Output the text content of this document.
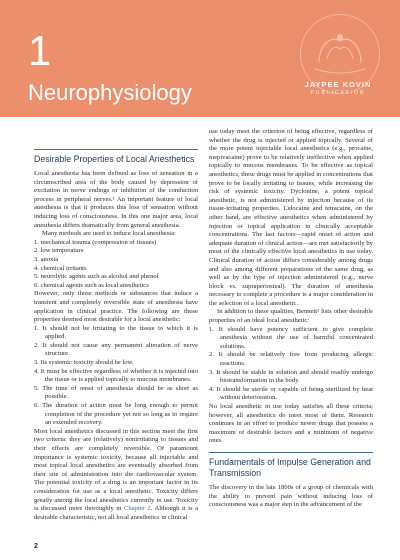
1
Neurophysiology	JAYPEE KOVIN
PUBLICATION
Desirable Properties of Local Anesthetics

Local anesthesia has been defined as loss of sensation in a circumscribed area of the body caused by depression of excitation in nerve endings or inhibition of the conduction process in peripheral nerves.¹ An important feature of local anesthesia is that it produces this loss of sensation without inducing loss of consciousness. In this one major area, local anesthesia differs dramatically from general anesthesia.

Many methods are used to induce local anesthesia:

1. mechanical trauma (compression of tissues)
2. low temperature
3. anoxia
4. chemical irritants
5. neurolytic agents such as alcohol and phenol
6. chemical agents such as local anesthetics

However, only those methods or substances that induce a transient and completely reversible state of anesthesia have application in clinical practice. The following are those properties deemed most desirable for a local anesthetic:

1. It should not be irritating to the tissue to which it is applied.
2. It should not cause any permanent alteration of nerve structure.
3. Its systemic toxicity should be low.
4. It must be effective regardless of whether it is injected into the tissue or is applied topically to mucous membranes.
5. The time of onset of anesthesia should be as short as possible.
6. The duration of action must be long enough to permit completion of the procedure yet not so long as to require an extended recovery.

Most local anesthetics discussed in this section meet the first two criteria: they are (relatively) nonirritating to tissues and their effects are completely reversible. Of paramount importance is systemic toxicity, because all injectable and most topical local anesthetics are eventually absorbed from their site of administration into the cardiovascular system. The potential toxicity of a drug is an important factor in its consideration for use as a local anesthetic. Toxicity differs greatly among the local anesthetics currently in use. Toxicity is discussed more thoroughly in Chapter 2. Although it is a desirable characteristic, not all local anesthetics in clinical

use today meet the criterion of being effective, regardless of whether the drug is injected or applied topically. Several of the more potent injectable local anesthetics (e.g., procaine, mepivacaine) prove to be relatively ineffective when applied topically to mucous membranes. To be effective as topical anesthetics, these drugs must be applied in concentrations that prove to be locally irritating to tissues, while increasing the risk of systemic toxicity. Dyclonine, a potent topical anesthetic, is not administered by injection because of its tissue-irritating properties. Lidocaine and tetracaine, on the other hand, are effective anesthetics when administered by injection or topical application in clinically acceptable concentrations. The last factors—rapid onset of action and adequate duration of clinical action—are met satisfactorily by most of the clinically effective local anesthetics in use today. Clinical duration of action differs considerably among drugs and also among different preparations of the same drug, as well as by the type of injection administered (e.g., nerve block vs. supraperiosteal). The duration of anesthesia necessary to complete a procedure is a major consideration in the selection of a local anesthetic.

In addition to these qualities, Bennett² lists other desirable properties of an ideal local anesthetic:

1. It should have potency sufficient to give complete anesthesia without the use of harmful concentrated solutions.
2. It should be relatively free from producing allergic reactions.
3. It should be stable in solution and should readily undergo biotransformation in the body.
4. It should be sterile or capable of being sterilized by heat without deterioration.

No local anesthetic in use today satisfies all these criteria; however, all anesthetics do meet most of them. Research continues in an effort to produce newer drugs that possess a maximum of desirable factors and a minimum of negative ones.

Fundamentals of Impulse Generation and Transmission

The discovery in the late 1800s of a group of chemicals with the ability to prevent pain without inducing loss of consciousness was a major step in the advancement of the

2
